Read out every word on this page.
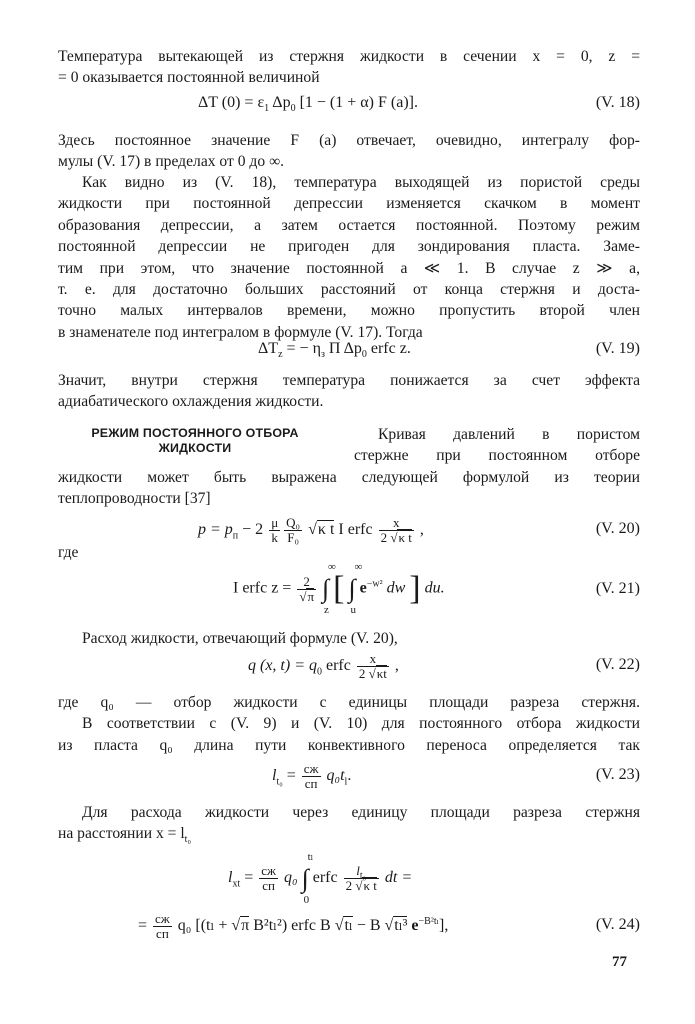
Температура вытекающей из стержня жидкости в сечении x = 0, z =
= 0 оказывается постоянной величиной
ΔT $(0) = \varepsilon_1$ $\Delta p_0$ [1 − (1 + α) F (a)].	(V. 18)
Здесь постоянное значение F (a) отвечает, очевидно, интегралу фор-
мулы (V. 17) в пределах от 0 до ∞.
Как видно из (V. 18), температура выходящей из пористой среды
жидкости при постоянной депрессии изменяется скачком в момент
образования депрессии, а затем остается постоянной. Поэтому режим
постоянной депрессии не пригоден для зондирования пласта. Заме-
тим при этом, что значение постоянной a ≪ 1. В случае z ≫ a,
т. е. для достаточно больших расстояний от конца стержня и доста-
точно малых интервалов времени, можно пропустить второй член
в знаменателе под интегралом в формуле (V. 17). Тогда
$\Delta T_z$ = − $\eta_з$ Π $\Delta p_0$ erfc z.	(V. 19)
Значит, внутри стержня температура понижается за счет эффекта
адиабатического охлаждения жидкости.
РЕЖИМ ПОСТОЯННОГО ОТБОРА
ЖИДКОСТИ
Кривая давлений в пористом
стержне при постоянном отборе
жидкости может быть выражена следующей формулой из теории
теплопроводности [37]
$p = p_п - 2 \frac{\mu}{k} \frac{\text{Q₀}}{\text{F₀}} √\kappa$ t I erfc $\frac{x}{\text{2 √κ t}}$ ,	(V. 20)
где
I erfc $z = \frac{2}{√\pi}$ ∫
∞
z
[ ∫
∞
u
$e^{-w^2}$ dw ] du.	(V. 21)
Расход жидкости, отвечающий формуле (V. 20),
q (x, $t) = q_0$ erfc $\frac{x}{2 √\kappa t}$ ,	(V. 22)
где q₀ — отбор жидкости с единицы площади разреза стержня.
В соответствии с (V. 9) и (V. 10) для постоянного отбора жидкости
из пласта q₀ длина пути конвективного переноса определяется так
$l_{t_0} = \frac{cж}{cп} q_0t_l$.	(V. 23)
Для расхода жидкости через единицу площади разреза стержня
на расстоянии $x = l_{t_0}$
$l_{xt} = \frac{cж}{cп} q_0$ ∫
tₗ
0
erfc $\frac{l_{t_0}}{\text{2 √κ t}}$ dt =
= $\frac{cж}{cп} q_0$ [(tₗ + √π B²tₗ²) erfc B √tₗ − B √tₗ³ $e^{-B^2t_l}$],	(V. 24)
77
